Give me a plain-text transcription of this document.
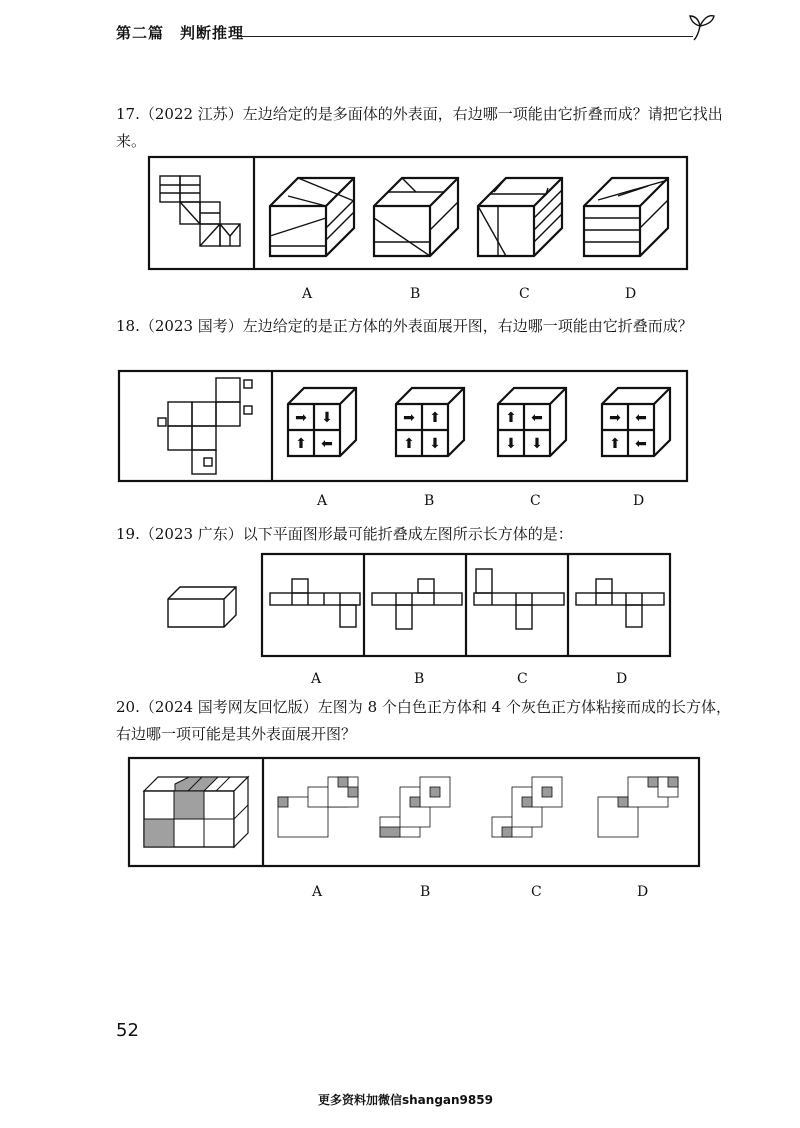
第二篇　判断推理
17.（2022 江苏）左边给定的是多面体的外表面，右边哪一项能由它折叠而成？请把它找出来。
A	B	C	D
18.（2023 国考）左边给定的是正方体的外表面展开图，右边哪一项能由它折叠而成？
➡ ⬇
⬆ ⬅
➡ ⬆
⬆ ⬇
⬆ ⬅
⬇ ⬇
➡ ⬅
⬆ ⬅
A	B	C	D
19.（2023 广东）以下平面图形最可能折叠成左图所示长方体的是：
A	B	C	D
20.（2024 国考网友回忆版）左图为 8 个白色正方体和 4 个灰色正方体粘接而成的长方体，右边哪一项可能是其外表面展开图？
A	B	C	D
52
更多资料加微信shangan9859
